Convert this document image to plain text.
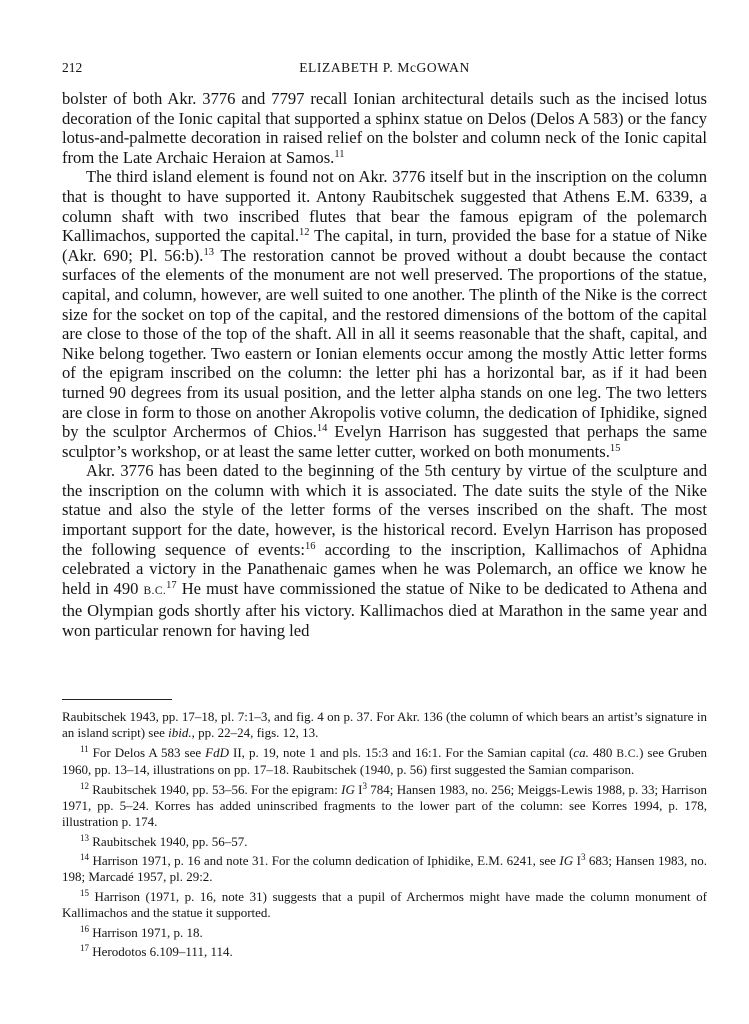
212	ELIZABETH P. McGOWAN

bolster of both Akr. 3776 and 7797 recall Ionian architectural details such as the incised lotus decoration of the Ionic capital that supported a sphinx statue on Delos (Delos A 583) or the fancy lotus-and-palmette decoration in raised relief on the bolster and column neck of the Ionic capital from the Late Archaic Heraion at Samos.$^{11}$

The third island element is found not on Akr. 3776 itself but in the inscription on the column that is thought to have supported it. Antony Raubitschek suggested that Athens E.M. 6339, a column shaft with two inscribed flutes that bear the famous epigram of the polemarch Kallimachos, supported the capital.$^{12}$ The capital, in turn, provided the base for a statue of Nike (Akr. 690; Pl. 56:b).$^{13}$ The restoration cannot be proved without a doubt because the contact surfaces of the elements of the monument are not well preserved. The proportions of the statue, capital, and column, however, are well suited to one another. The plinth of the Nike is the correct size for the socket on top of the capital, and the restored dimensions of the bottom of the capital are close to those of the top of the shaft. All in all it seems reasonable that the shaft, capital, and Nike belong together. Two eastern or Ionian elements occur among the mostly Attic letter forms of the epigram inscribed on the column: the letter phi has a horizontal bar, as if it had been turned 90 degrees from its usual position, and the letter alpha stands on one leg. The two letters are close in form to those on another Akropolis votive column, the dedication of Iphidike, signed by the sculptor Archermos of Chios.$^{14}$ Evelyn Harrison has suggested that perhaps the same sculptor’s workshop, or at least the same letter cutter, worked on both monuments.$^{15}$

Akr. 3776 has been dated to the beginning of the 5th century by virtue of the sculpture and the inscription on the column with which it is associated. The date suits the style of the Nike statue and also the style of the letter forms of the verses inscribed on the shaft. The most important support for the date, however, is the historical record. Evelyn Harrison has proposed the following sequence of events:$^{16}$ according to the inscription, Kallimachos of Aphidna celebrated a victory in the Panathenaic games when he was Polemarch, an office we know he held in 490 B.C.$^{17}$ He must have commissioned the statue of Nike to be dedicated to Athena and the Olympian gods shortly after his victory. Kallimachos died at Marathon in the same year and won particular renown for having led

Raubitschek 1943, pp. 17–18, pl. 7:1–3, and fig. 4 on p. 37. For Akr. 136 (the column of which bears an artist’s signature in an island script) see ibid., pp. 22–24, figs. 12, 13.

$^{11}$ For Delos A 583 see FdD II, p. 19, note 1 and pls. 15:3 and 16:1. For the Samian capital (ca. 480 B.C.) see Gruben 1960, pp. 13–14, illustrations on pp. 17–18. Raubitschek (1940, p. 56) first suggested the Samian comparison.

$^{12}$ Raubitschek 1940, pp. 53–56. For the epigram: IG $I^3$ 784; Hansen 1983, no. 256; Meiggs-Lewis 1988, p. 33; Harrison 1971, pp. 5–24. Korres has added uninscribed fragments to the lower part of the column: see Korres 1994, p. 178, illustration p. 174.

$^{13}$ Raubitschek 1940, pp. 56–57.

$^{14}$ Harrison 1971, p. 16 and note 31. For the column dedication of Iphidike, E.M. 6241, see IG $I^3$ 683; Hansen 1983, no. 198; Marcadé 1957, pl. 29:2.

$^{15}$ Harrison (1971, p. 16, note 31) suggests that a pupil of Archermos might have made the column monument of Kallimachos and the statue it supported.

$^{16}$ Harrison 1971, p. 18.

$^{17}$ Herodotos 6.109–111, 114.
